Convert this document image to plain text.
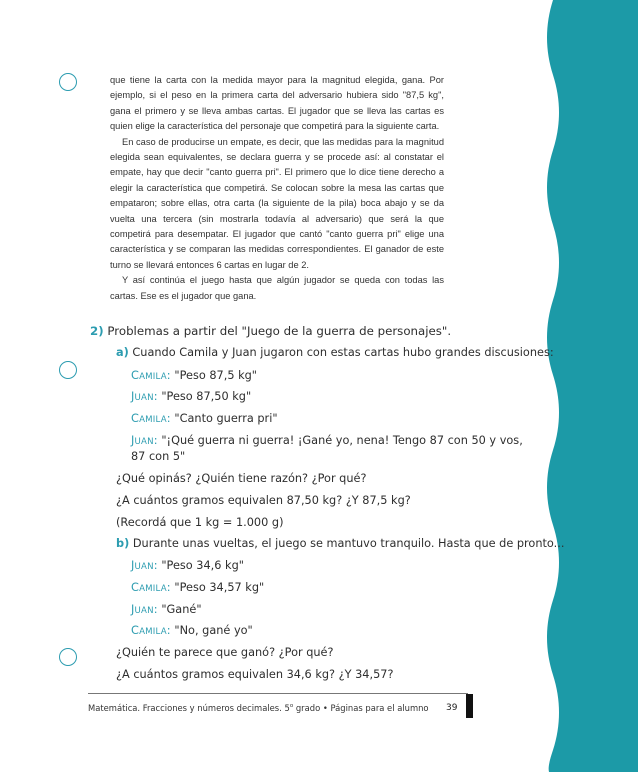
que tiene la carta con la medida mayor para la magnitud elegida, gana. Por ejemplo, si el peso en la primera carta del adversario hubiera sido "87,5 kg", gana el primero y se lleva ambas cartas. El jugador que se lleva las cartas es quien elige la característica del personaje que competirá para la siguiente carta.

En caso de producirse un empate, es decir, que las medidas para la magnitud elegida sean equivalentes, se declara guerra y se procede así: al constatar el empate, hay que decir "canto guerra pri". El primero que lo dice tiene derecho a elegir la característica que competirá. Se colocan sobre la mesa las cartas que empataron; sobre ellas, otra carta (la siguiente de la pila) boca abajo y se da vuelta una tercera (sin mostrarla todavía al adversario) que será la que competirá para desempatar. El jugador que cantó "canto guerra pri" elige una característica y se comparan las medidas correspondientes. El ganador de este turno se llevará entonces 6 cartas en lugar de 2.

Y así continúa el juego hasta que algún jugador se queda con todas las cartas. Ese es el jugador que gana.

2) Problemas a partir del "Juego de la guerra de personajes".
a) Cuando Camila y Juan jugaron con estas cartas hubo grandes discusiones:
CAMILA: "Peso 87,5 kg"
JUAN: "Peso 87,50 kg"
CAMILA: "Canto guerra pri"
JUAN: "¡Qué guerra ni guerra! ¡Gané yo, nena! Tengo 87 con 50 y vos,
87 con 5"
¿Qué opinás? ¿Quién tiene razón? ¿Por qué?
¿A cuántos gramos equivalen 87,50 kg? ¿Y 87,5 kg?
(Recordá que 1 kg = 1.000 g)
b) Durante unas vueltas, el juego se mantuvo tranquilo. Hasta que de pronto...
JUAN: "Peso 34,6 kg"
CAMILA: "Peso 34,57 kg"
JUAN: "Gané"
CAMILA: "No, gané yo"
¿Quién te parece que ganó? ¿Por qué?
¿A cuántos gramos equivalen 34,6 kg? ¿Y 34,57?
Matemática. Fracciones y números decimales. 5$^o$ grado • Páginas para el alumno 39
